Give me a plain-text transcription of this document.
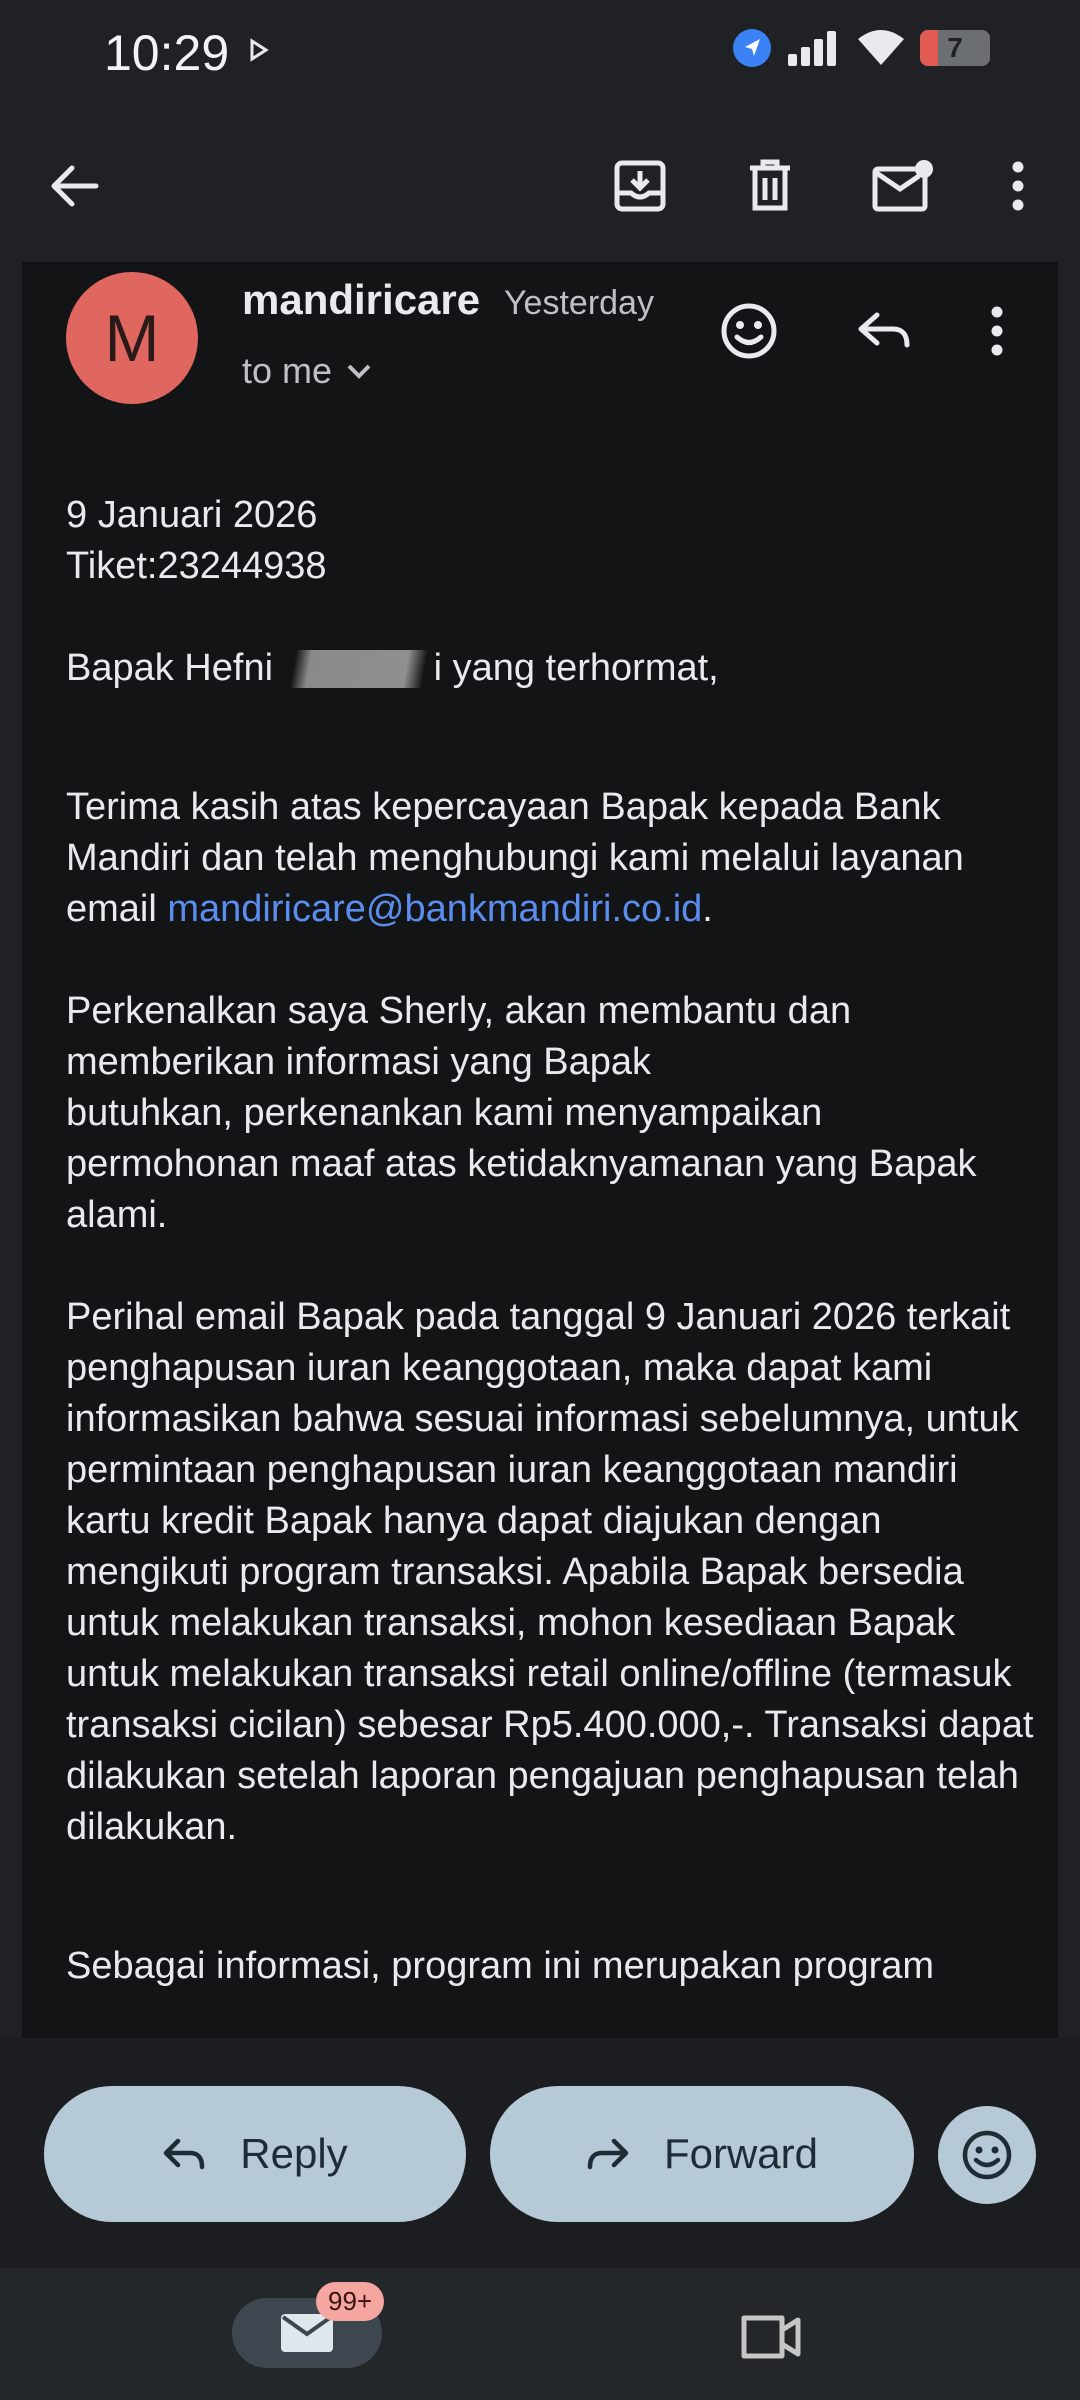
10:29	7
M
mandiricare Yesterday
to me

9 Januari 2026

Tiket:23244938

Bapak Hefni	i yang terhormat,

Terima kasih atas kepercayaan Bapak kepada Bank Mandiri dan telah menghubungi kami melalui layanan email mandiricare@bankmandiri.co.id.

Perkenalkan saya Sherly, akan membantu dan
memberikan informasi yang Bapak
butuhkan, perkenankan kami menyampaikan permohonan maaf atas ketidaknyamanan yang Bapak alami.

Perihal email Bapak pada tanggal 9 Januari 2026 terkait penghapusan iuran keanggotaan, maka dapat kami informasikan bahwa sesuai informasi sebelumnya, untuk permintaan penghapusan iuran keanggotaan mandiri kartu kredit Bapak hanya dapat diajukan dengan mengikuti program transaksi. Apabila Bapak bersedia untuk melakukan transaksi, mohon kesediaan Bapak untuk melakukan transaksi retail online/offline (termasuk transaksi cicilan) sebesar Rp5.400.000,-. Transaksi dapat dilakukan setelah laporan pengajuan penghapusan telah dilakukan.

Sebagai informasi, program ini merupakan program

Reply	Forward
99+
